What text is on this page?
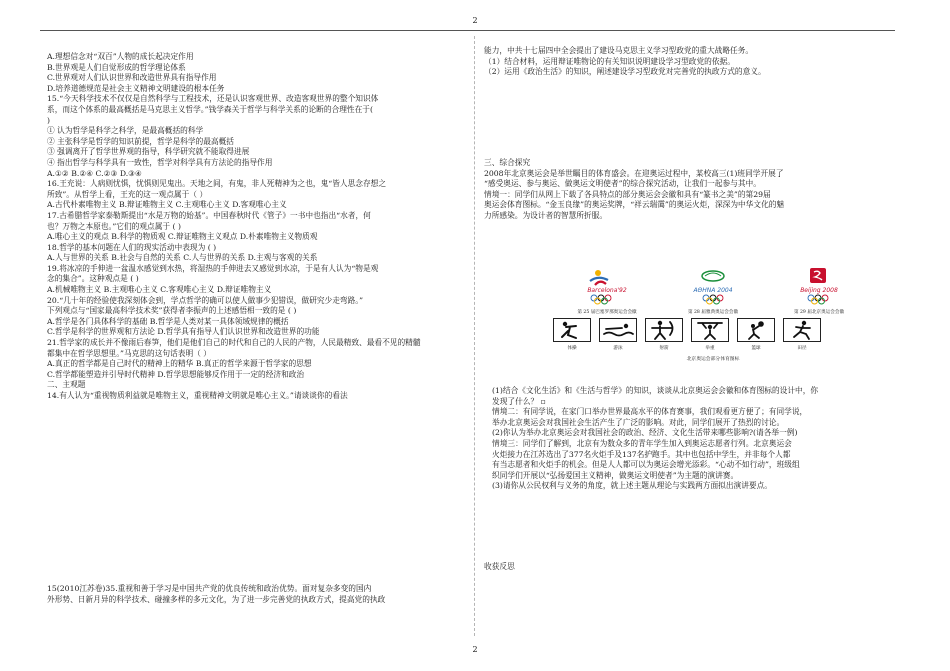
2

A.理想信念对“双百”人物的成长起决定作用

B.世界观是人们自觉形成的哲学理论体系

C.世界观对人们认识世界和改造世界具有指导作用

D.培养道德规范是社会主义精神文明建设的根本任务

15.“今天科学技术不仅仅是自然科学与工程技术，还是认识客观世界、改造客观世界的整个知识体

系，而这个体系的最高概括是马克思主义哲学。”钱学森关于哲学与科学关系的论断的合理性在于(

)

① 认为哲学是科学之科学，是最高概括的科学

② 主张科学是哲学的知识前提，哲学是科学的最高概括

③ 强调离开了哲学世界观的指导，科学研究就不能取得进展

④ 指出哲学与科学具有一致性，哲学对科学具有方法论的指导作用

A.①② B.②④ C.②③ D.③④

16.王充说：人病则忧惧，忧惧则见鬼出。天地之间，有鬼，非人死精神为之也，鬼“皆人思念存想之

所致”。从哲学上看，王充的这一观点属于（ ）

A.古代朴素唯物主义 B.辩证唯物主义 C.主观唯心主义 D.客观唯心主义

17.古希腊哲学家泰勒斯提出“水是万物的始基”。中国春秋时代《管子》一书中也指出“水者，何

也？万物之本原也。”它们的观点属于 ( )

A.唯心主义的观点 B.科学的物质观 C.辩证唯物主义观点 D.朴素唯物主义物质观

18.哲学的基本问题在人们的现实活动中表现为 ( )

A.人与世界的关系 B.社会与自然的关系 C.人与世界的关系 D.主观与客观的关系

19.将冰凉的手伸进一盆温水感觉到水热，将湿热的手伸进去又感觉到水凉，于是有人认为“物是观

念的集合”。这种观点是 ( )

A.机械唯物主义 B.主观唯心主义 C.客观唯心主义 D.辩证唯物主义

20.“几十年的经验使我深刻体会到，学点哲学的确可以使人做事少犯错误，做研究少走弯路。”

下列观点与“国家最高科学技术奖”获得者李振声的上述感悟相一致的是 ( )

A.哲学是各门具体科学的基础 B.哲学是人类对某一具体领域规律的概括

C.哲学是科学的世界观和方法论 D.哲学具有指导人们认识世界和改造世界的功能

21.哲学家的成长并不像雨后春笋，他们是他们自己的时代和自己的人民的产物，人民最精致、最看不见的精髓

都集中在哲学思想里。”马克思的这句话表明（ ）

A.真正的哲学都是自己时代的精神上的精华 B.真正的哲学来源于哲学家的思想

C.哲学都能塑造并引导时代精神 D.哲学思想能够反作用于一定的经济和政治

二、主观题

14.有人认为“重视物质利益就是唯物主义，重视精神文明就是唯心主义。”请谈谈你的看法

15(2010江苏卷)35.重视和善于学习是中国共产党的优良传统和政治优势。面对复杂多变的国内

外形势、日新月异的科学技术、碰撞多样的多元文化，为了进一步完善党的执政方式，提高党的执政

能力，中共十七届四中全会提出了建设马克思主义学习型政党的重大战略任务。

（1）结合材料，运用辩证唯物论的有关知识说明建设学习型政党的依据。

（2）运用《政治生活》的知识，阐述建设学习型政党对完善党的执政方式的意义。

三、综合探究

2008年北京奥运会是举世瞩目的体育盛会。在迎奥运过程中，某校高三(1)班同学开展了

“感受奥运、参与奥运、做奥运文明使者”的综合探究活动，让我们一起参与其中。

情境一：同学们从网上下载了各具特点的部分奥运会会徽和具有“篆书之美”的第29届

奥运会体育图标。“金玉良缘”的奥运奖牌，“祥云瑞霭”的奥运火炬，深深为中华文化的魅

力所感染。为设计者的智慧所折服。

Barcelona'92
第 25 届巴塞罗那奥运会会徽
AΘHNA 2004
第 28 届雅典奥运会会徽
Beijing 2008
第 29 届北京奥运会会徽
体操	游泳	射箭	举重	篮球	田径
北京奥运会部分体育图标

(1)结合《文化生活》和《生活与哲学》的知识，谈谈从北京奥运会会徽和体育图标的设计中，你

发现了什么？ ▫

情境二：有同学说，在家门口举办世界最高水平的体育赛事，我们观看更方便了；有同学说，

举办北京奥运会对我国社会生活产生了广泛的影响。对此，同学们展开了热烈的讨论。

(2)你认为举办北京奥运会对我国社会的政治、经济、文化生活带来哪些影响?(请各举一例)

情境三：同学们了解到，北京有为数众多的青年学生加入到奥运志愿者行列。北京奥运会

火炬接力在江苏选出了377名火炬手及137名护跑手。其中也包括中学生，并非每个人都

有当志愿者和火炬手的机会。但是人人都可以为奥运会增光添彩。“心动不如行动”，班级组

织同学们开展以“弘扬爱国主义精神，做奥运文明使者”为主题的演讲赛。

(3)请你从公民权利与义务的角度，就上述主题从理论与实践两方面拟出演讲要点。

收获反思
2
